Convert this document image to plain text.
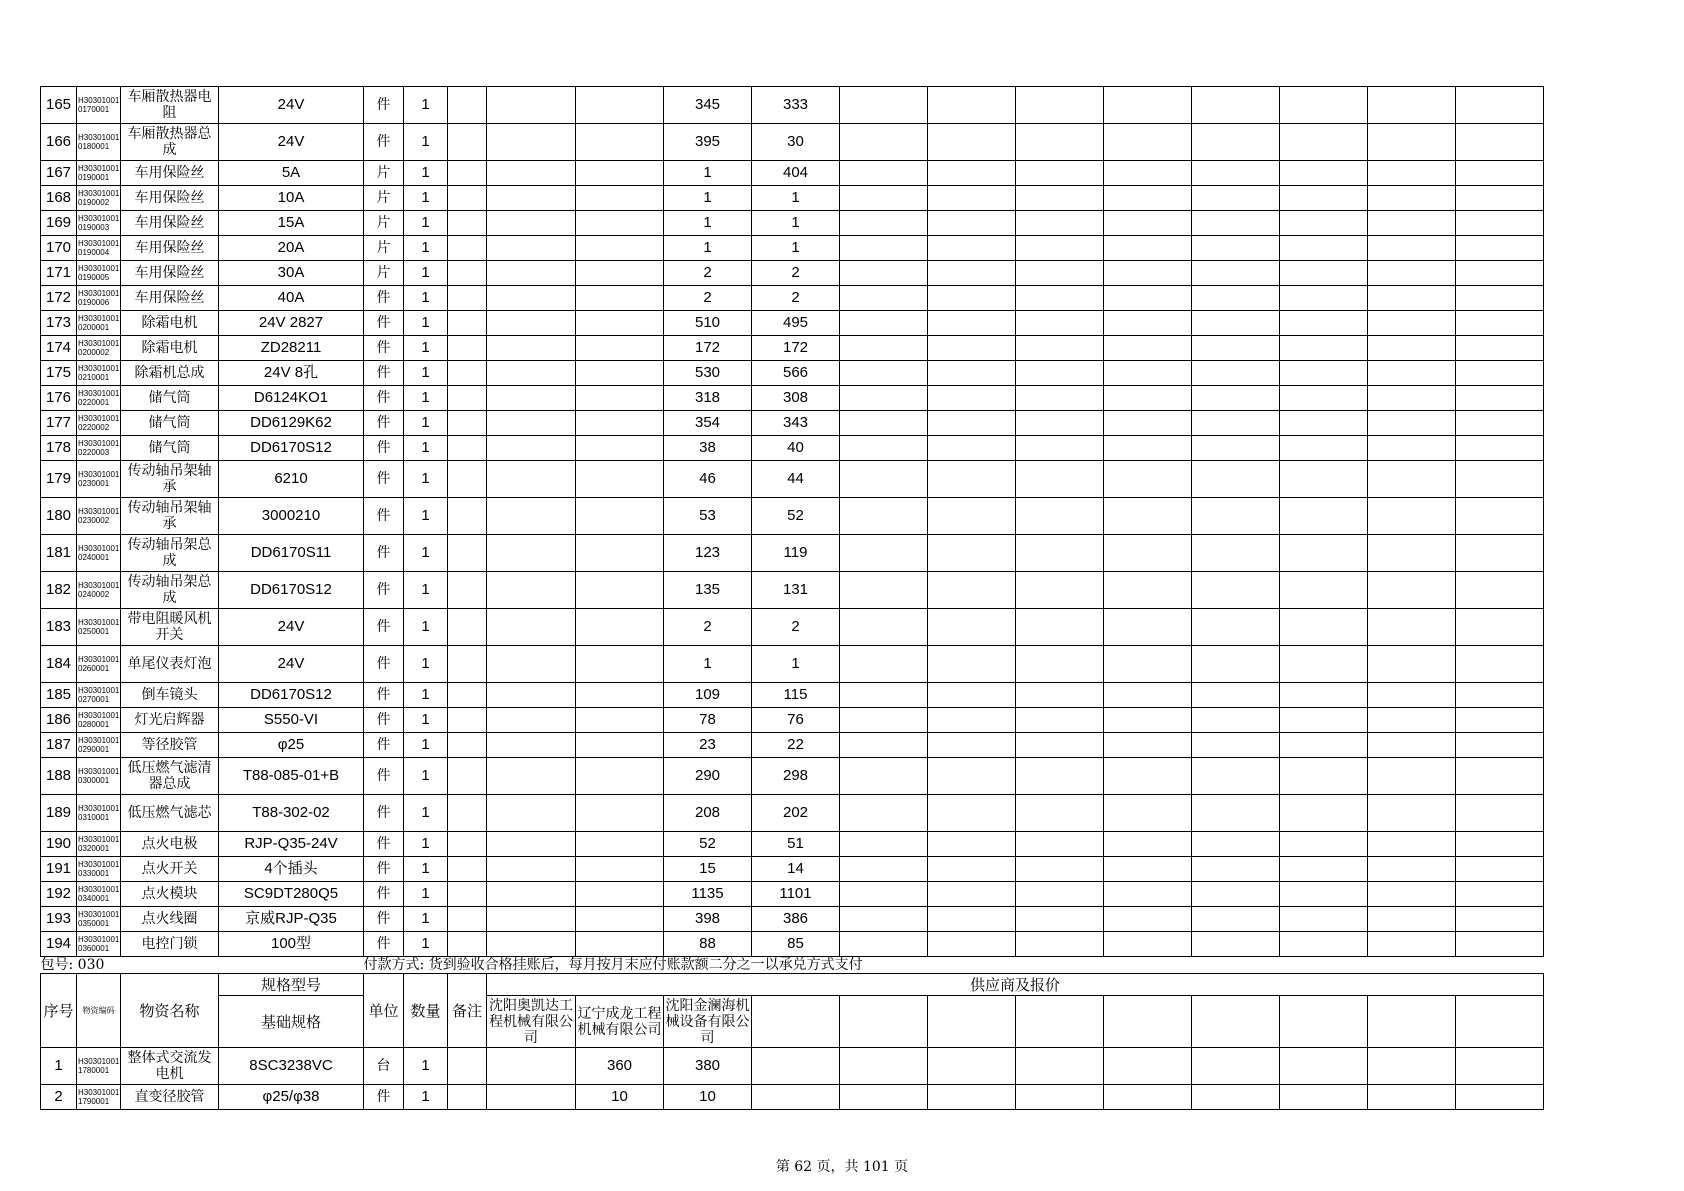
165	H303010010170001	车厢散热器电阻	24V	件	1				345	333								
166	H303010010180001	车厢散热器总成	24V	件	1				395	30								
167	H303010010190001	车用保险丝	5A	片	1				1	404								
168	H303010010190002	车用保险丝	10A	片	1				1	1								
169	H303010010190003	车用保险丝	15A	片	1				1	1								
170	H303010010190004	车用保险丝	20A	片	1				1	1								
171	H303010010190005	车用保险丝	30A	片	1				2	2								
172	H303010010190006	车用保险丝	40A	件	1				2	2								
173	H303010010200001	除霜电机	24V 2827	件	1				510	495								
174	H303010010200002	除霜电机	ZD28211	件	1				172	172								
175	H303010010210001	除霜机总成	24V 8孔	件	1				530	566								
176	H303010010220001	储气筒	D6124KO1	件	1				318	308								
177	H303010010220002	储气筒	DD6129K62	件	1				354	343								
178	H303010010220003	储气筒	DD6170S12	件	1				38	40								
179	H303010010230001	传动轴吊架轴承	6210	件	1				46	44								
180	H303010010230002	传动轴吊架轴承	3000210	件	1				53	52								
181	H303010010240001	传动轴吊架总成	DD6170S11	件	1				123	119								
182	H303010010240002	传动轴吊架总成	DD6170S12	件	1				135	131								
183	H303010010250001	带电阻暖风机开关	24V	件	1				2	2								
184	H303010010260001	单尾仪表灯泡	24V	件	1				1	1								
185	H303010010270001	倒车镜头	DD6170S12	件	1				109	115								
186	H303010010280001	灯光启辉器	S550-VI	件	1				78	76								
187	H303010010290001	等径胶管	φ25	件	1				23	22								
188	H303010010300001	低压燃气滤清器总成	T88-085-01+B	件	1				290	298								
189	H303010010310001	低压燃气滤芯	T88-302-02	件	1				208	202								
190	H303010010320001	点火电极	RJP-Q35-24V	件	1				52	51								
191	H303010010330001	点火开关	4个插头	件	1				15	14								
192	H303010010340001	点火模块	SC9DT280Q5	件	1				1135	1101								
193	H303010010350001	点火线圈	京威RJP-Q35	件	1				398	386								
194	H303010010360001	电控门锁	100型	件	1				88	85								
包号: 030				付款方式: 货到验收合格挂账后，每月按月末应付账款额二分之一以承兑方式支付														
序号	物资编码	物资名称	规格型号	单位	数量	备注	供应商及报价											
			基础规格				沈阳奥凯达工程机械有限公司	辽宁成龙工程机械有限公司	沈阳金澜海机械设备有限公司									
1	H303010011780001	整体式交流发电机	8SC3238VC	台	1			360	380									
2	H303010011790001	直变径胶管	φ25/φ38	件	1			10	10									
第 62 页，共 101 页
